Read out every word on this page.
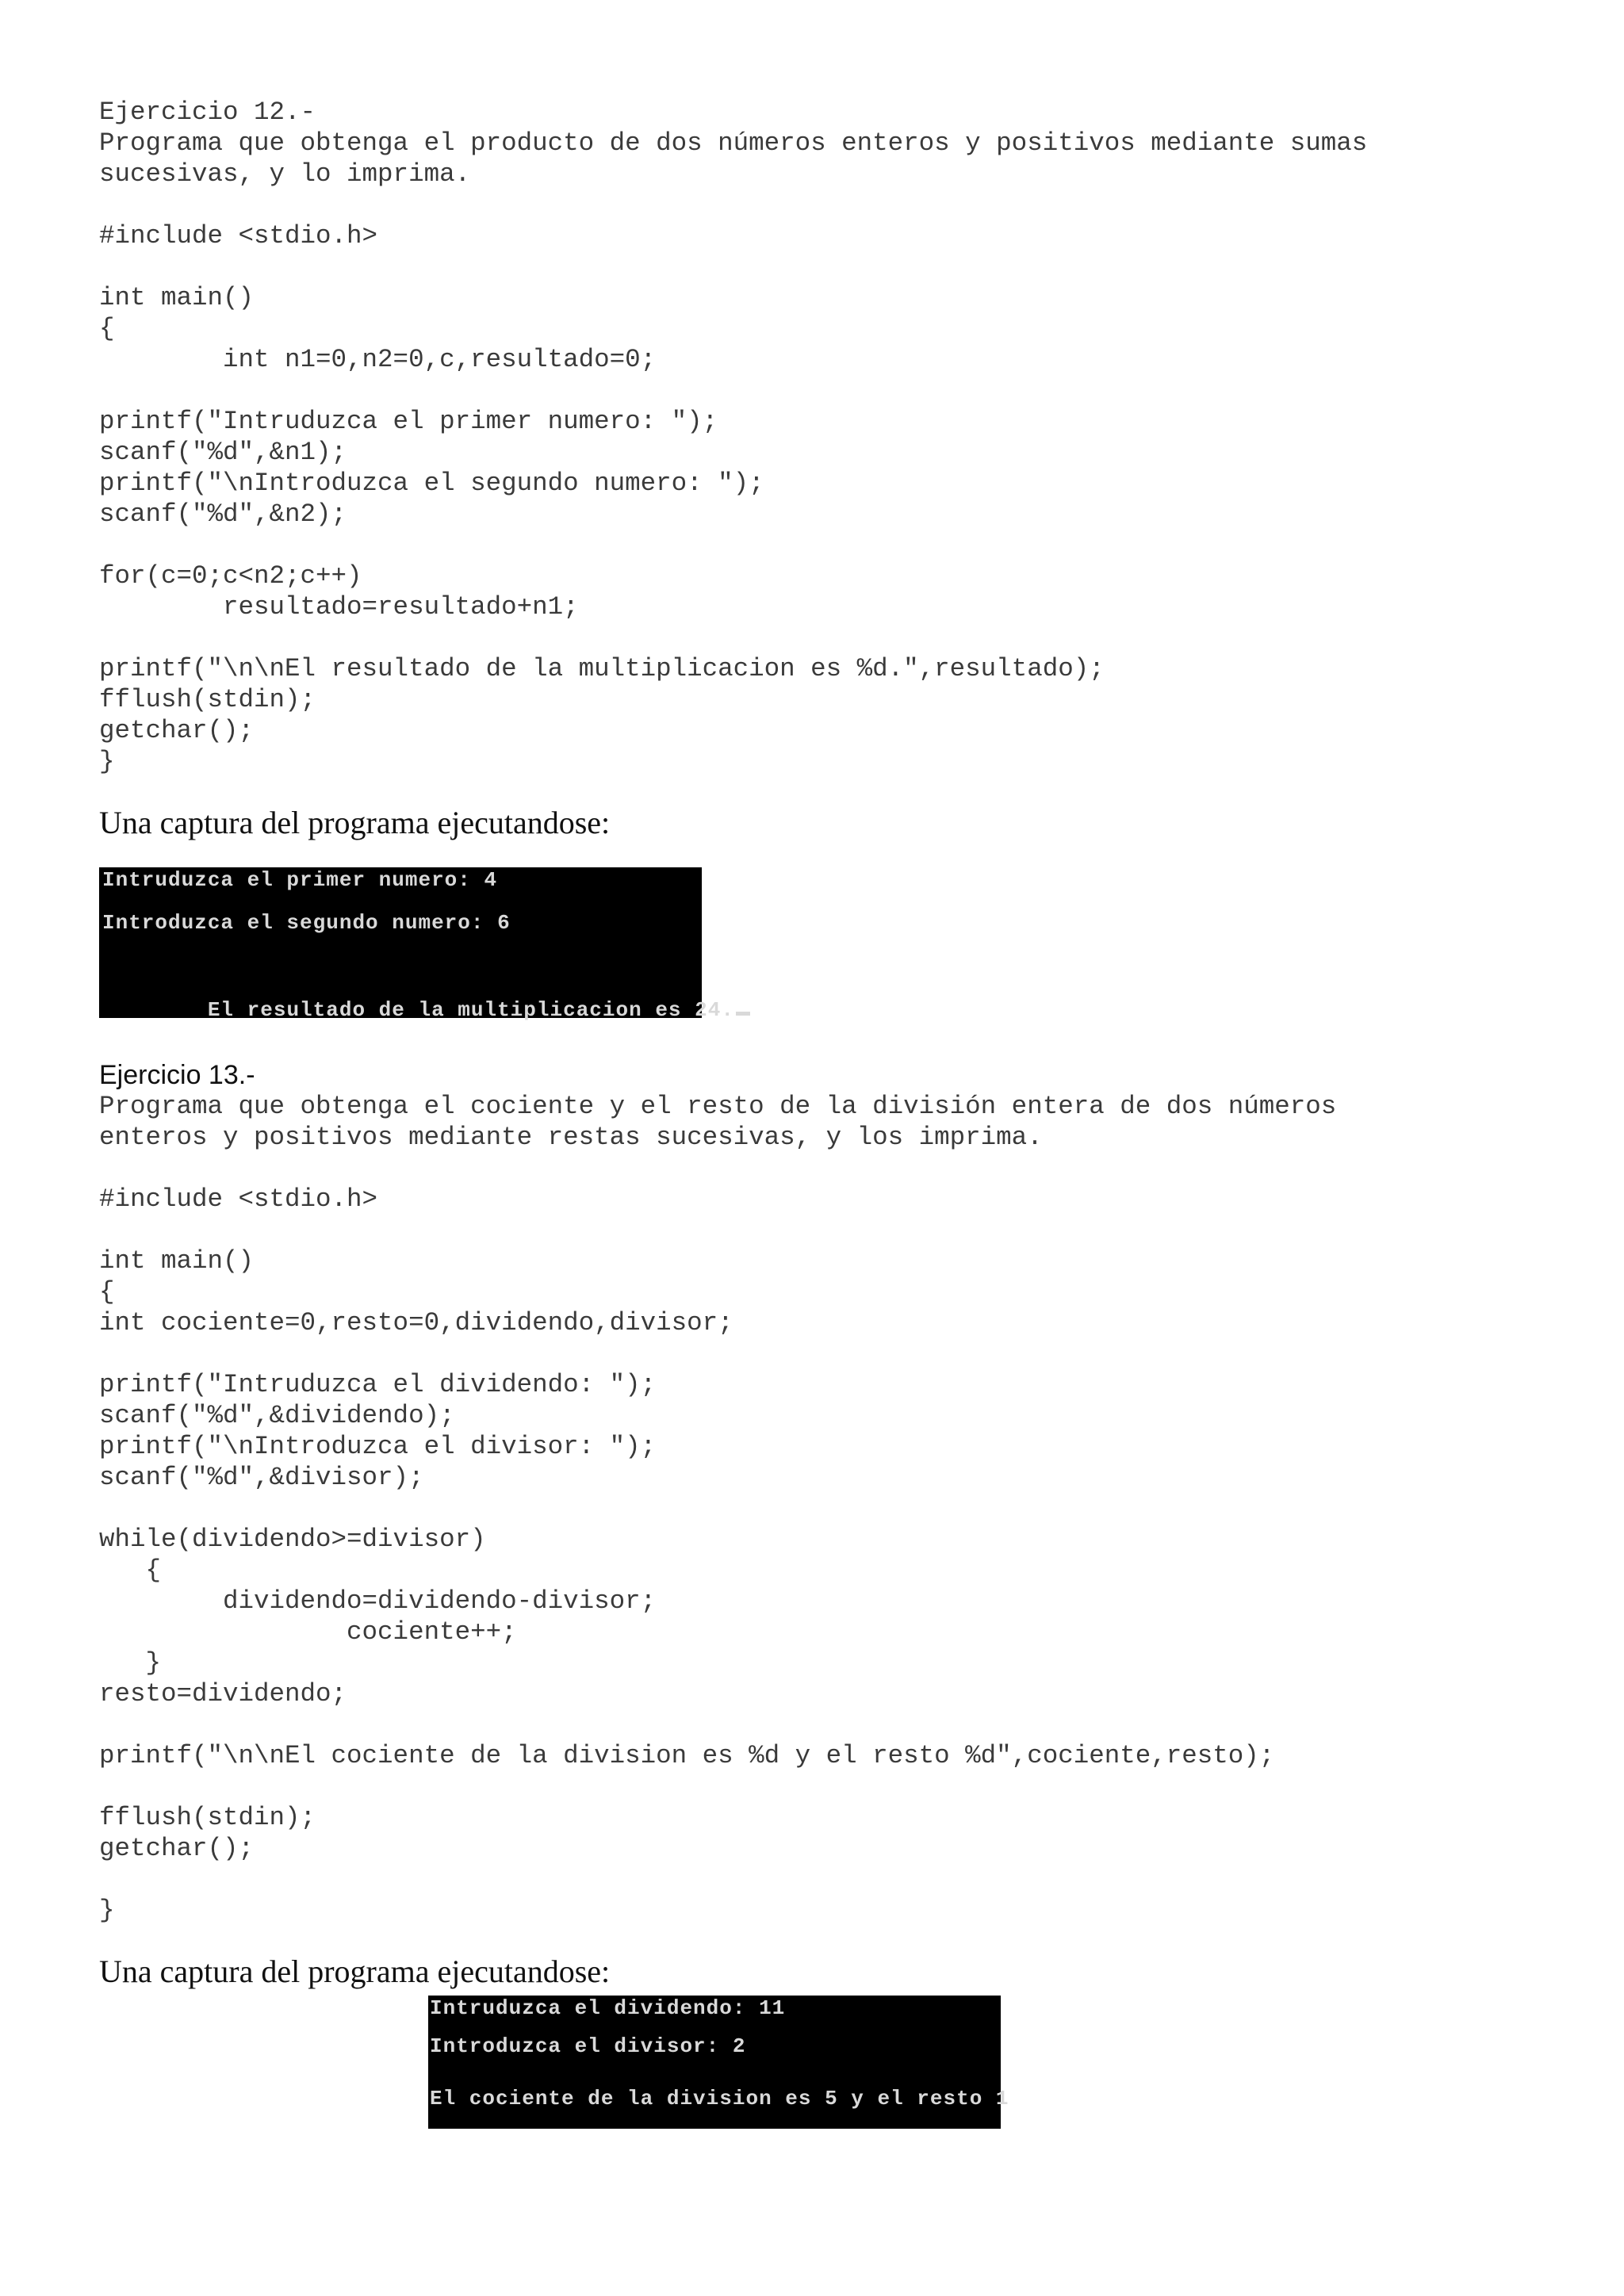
Ejercicio 12.-
Programa que obtenga el producto de dos números enteros y positivos mediante sumas
sucesivas, y lo imprima.
#include <stdio.h>

int main()
{
int n1=0,n2=0,c,resultado=0;

printf("Intruduzca el primer numero: ");
scanf("%d",&n1);
printf("\nIntroduzca el segundo numero: ");
scanf("%d",&n2);

for(c=0;c<n2;c++)
resultado=resultado+n1;

printf("\n\nEl resultado de la multiplicacion es %d.",resultado);
fflush(stdin);
getchar();
}
Una captura del programa ejecutandose:

Intruduzca el primer numero: 4

Introduzca el segundo numero: 6

El resultado de la multiplicacion es 24.

Ejercicio 13.-
Programa que obtenga el cociente y el resto de la división entera de dos números
enteros y positivos mediante restas sucesivas, y los imprima.
#include <stdio.h>

int main()
{
int cociente=0,resto=0,dividendo,divisor;

printf("Intruduzca el dividendo: ");
scanf("%d",&dividendo);
printf("\nIntroduzca el divisor: ");
scanf("%d",&divisor);

while(dividendo>=divisor)
{
dividendo=dividendo-divisor;
cociente++;
}
resto=dividendo;

printf("\n\nEl cociente de la division es %d y el resto %d",cociente,resto);

fflush(stdin);
getchar();

}
Una captura del programa ejecutandose:

Intruduzca el dividendo: 11

Introduzca el divisor: 2

El cociente de la division es 5 y el resto 1
